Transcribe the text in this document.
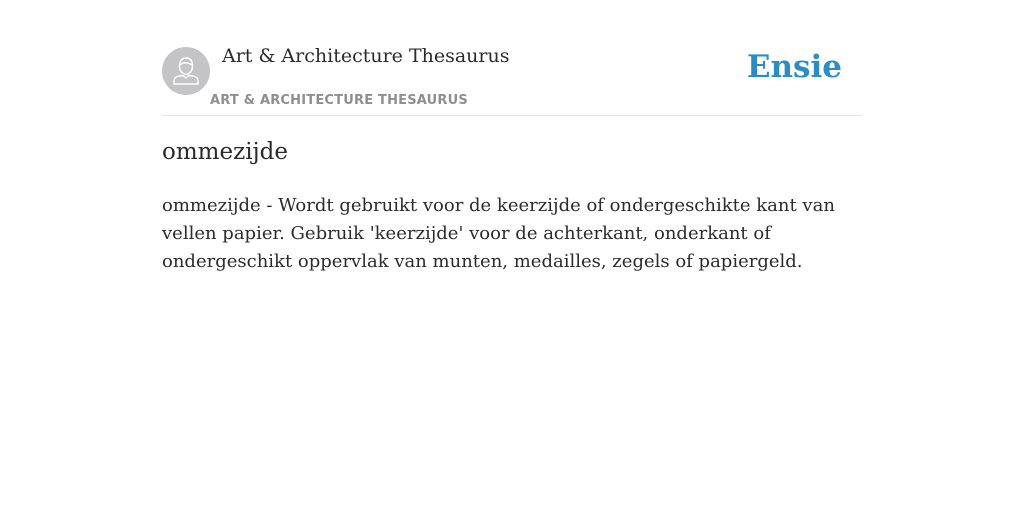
Art & Architecture Thesaurus
ART & ARCHITECTURE THESAURUS
Ensie
ommezijde

ommezijde - Wordt gebruikt voor de keerzijde of ondergeschikte kant van vellen papier. Gebruik 'keerzijde' voor de achterkant, onderkant of ondergeschikt oppervlak van munten, medailles, zegels of papiergeld.
